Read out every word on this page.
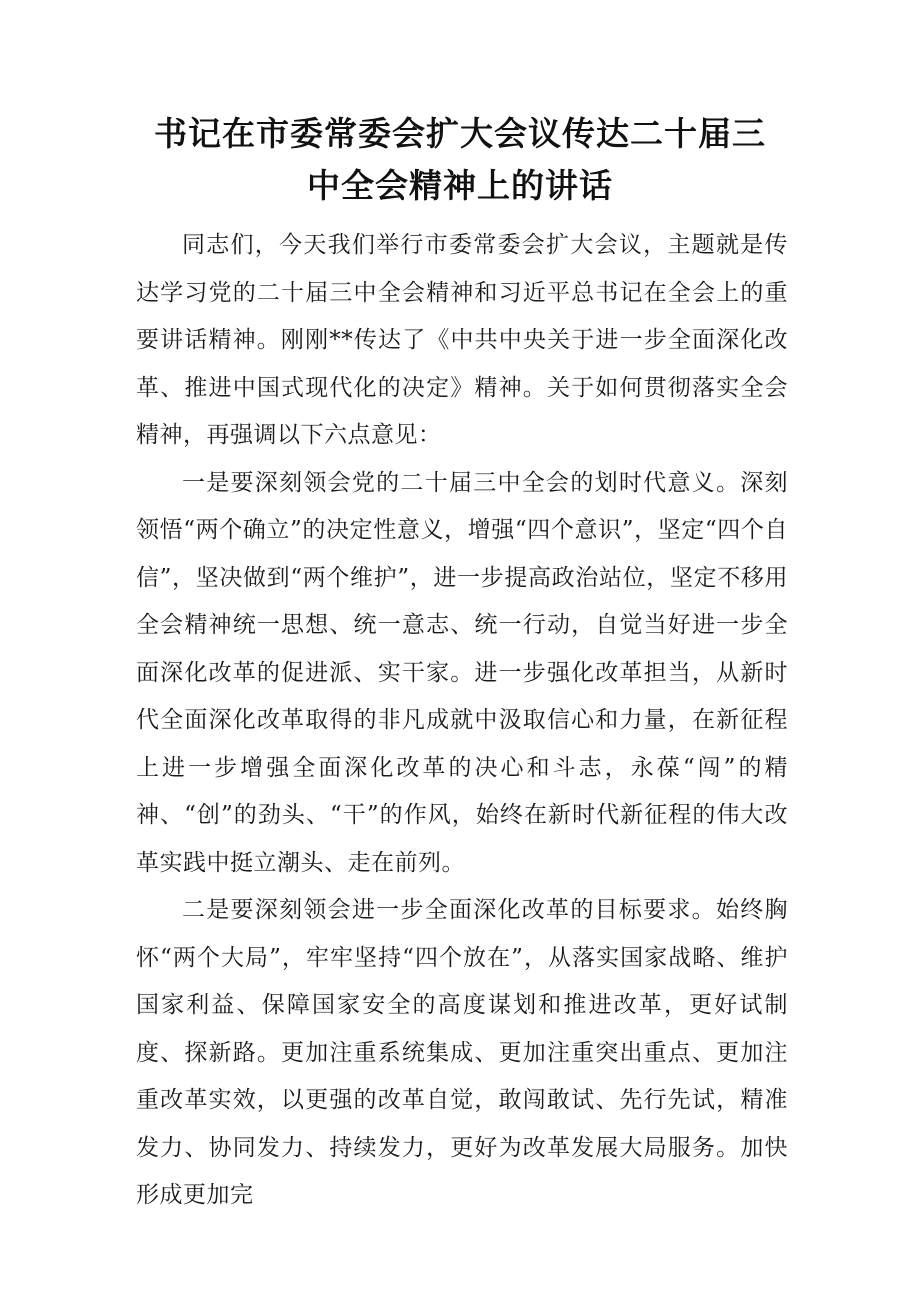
书记在市委常委会扩大会议传达二十届三
中全会精神上的讲话

同志们，今天我们举行市委常委会扩大会议，主题就是传达学习党的二十届三中全会精神和习近平总书记在全会上的重要讲话精神。刚刚**传达了《中共中央关于进一步全面深化改革、推进中国式现代化的决定》精神。关于如何贯彻落实全会精神，再强调以下六点意见：

一是要深刻领会党的二十届三中全会的划时代意义。深刻领悟“两个确立”的决定性意义，增强“四个意识”，坚定“四个自信”，坚决做到“两个维护”，进一步提高政治站位，坚定不移用全会精神统一思想、统一意志、统一行动，自觉当好进一步全面深化改革的促进派、实干家。进一步强化改革担当，从新时代全面深化改革取得的非凡成就中汲取信心和力量，在新征程上进一步增强全面深化改革的决心和斗志，永葆“闯”的精神、“创”的劲头、“干”的作风，始终在新时代新征程的伟大改革实践中挺立潮头、走在前列。

二是要深刻领会进一步全面深化改革的目标要求。始终胸怀“两个大局”，牢牢坚持“四个放在”，从落实国家战略、维护国家利益、保障国家安全的高度谋划和推进改革，更好试制度、探新路。更加注重系统集成、更加注重突出重点、更加注重改革实效，以更强的改革自觉，敢闯敢试、先行先试，精准发力、协同发力、持续发力，更好为改革发展大局服务。加快形成更加完
